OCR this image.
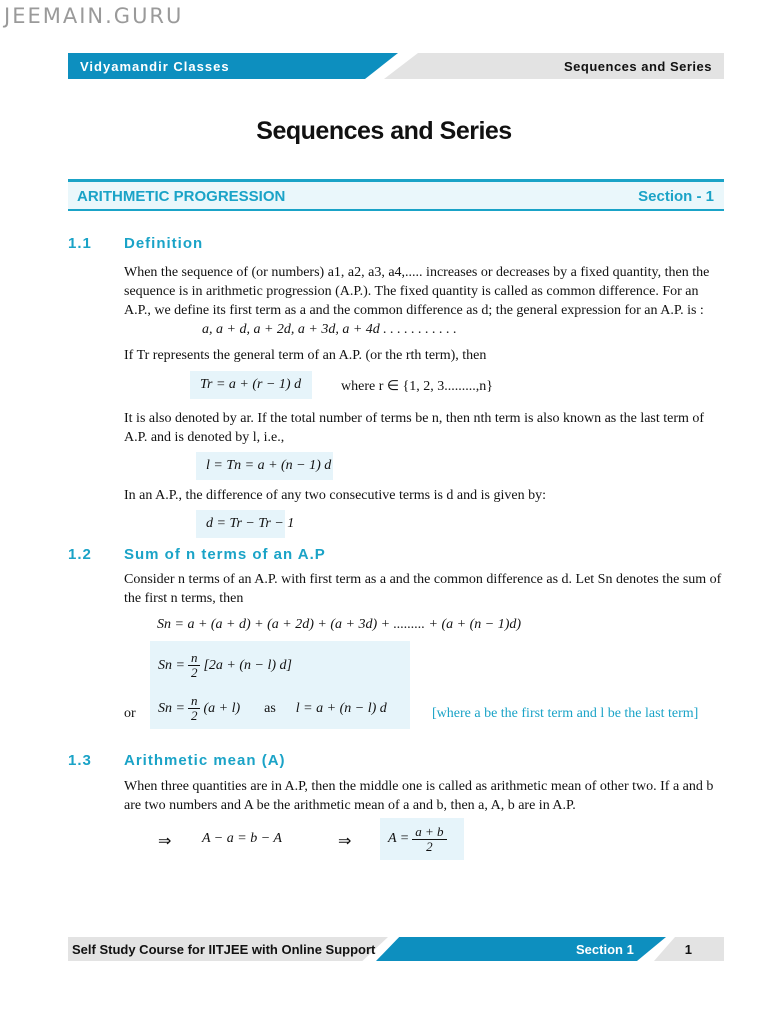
JEEMAIN.GURU
Vidyamandir Classes	Sequences and Series
Sequences and Series
ARITHMETIC PROGRESSION	Section - 1
1.1 Definition
When the sequence of (or numbers) a1, a2, a3, a4,..... increases or decreases by a fixed quantity, then the sequence is in arithmetic progression (A.P.). The fixed quantity is called as common difference. For an A.P., we define its first term as a and the common difference as d; the general expression for an A.P. is :
a, a + d, a + 2d, a + 3d, a + 4d . . . . . . . . . . .
If Tr represents the general term of an A.P. (or the rth term), then
Tr = a + (r − 1) d	where r ∈ {1, 2, 3.........,n}
It is also denoted by ar. If the total number of terms be n, then nth term is also known as the last term of A.P. and is denoted by l, i.e.,
l = Tn = a + (n − 1) d
In an A.P., the difference of any two consecutive terms is d and is given by:
d = Tr − Tr − 1
1.2 Sum of n terms of an A.P
Consider n terms of an A.P. with first term as a and the common difference as d. Let Sn denotes the sum of the first n terms, then
Sn = a + (a + d) + (a + 2d) + (a + 3d) + ......... + (a + (n − 1)d)
$Sn = \frac{n}{2} [2a + (n - l)$ d]
$Sn = \frac{n}{2} (a + l)$ as l = a + (n − l) d
or	[where a be the first term and l be the last term]
1.3 Arithmetic mean (A)
When three quantities are in A.P, then the middle one is called as arithmetic mean of other two. If a and b are two numbers and A be the arithmetic mean of a and b, then a, A, b are in A.P.
⇒ A − a = b − A	⇒	$A = \frac{a + b}{2}$
Self Study Course for IITJEE with Online Support	Section 1	1
